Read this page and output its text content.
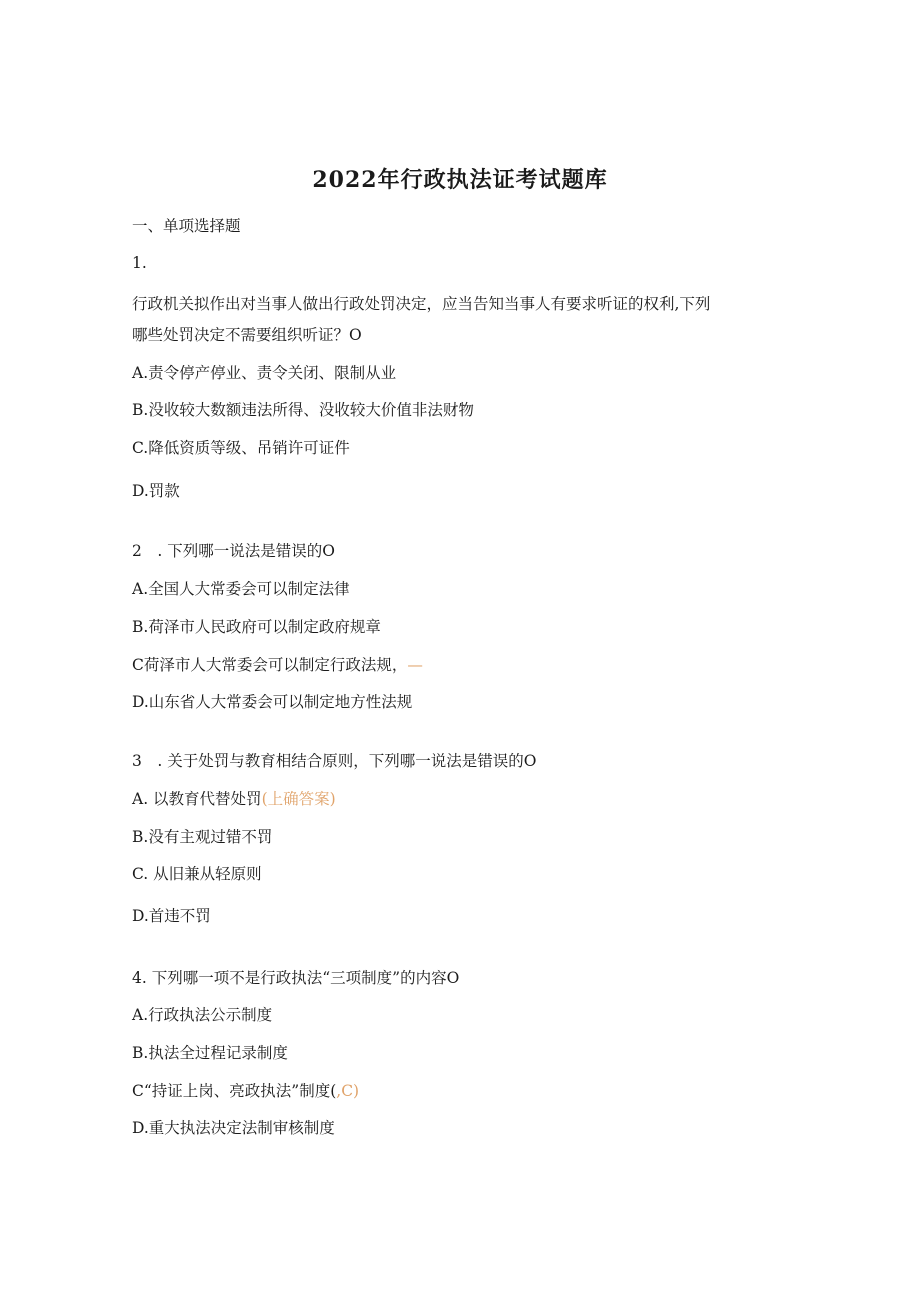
2022年行政执法证考试题库
一、单项选择题
1.
行政机关拟作出对当事人做出行政处罚决定，应当告知当事人有要求听证的权利,下列
哪些处罚决定不需要组织听证？O
A.责令停产停业、责令关闭、限制从业
B.没收较大数额违法所得、没收较大价值非法财物
C.降低资质等级、吊销许可证件
D.罚款
2　. 下列哪一说法是错误的O
A.全国人大常委会可以制定法律
B.荷泽市人民政府可以制定政府规章
C荷泽市人大常委会可以制定行政法规，—
D.山东省人大常委会可以制定地方性法规
3　. 关于处罚与教育相结合原则，下列哪一说法是错误的O
A. 以教育代替处罚(上确答案)
B.没有主观过错不罚
C. 从旧兼从轻原则
D.首违不罚
4. 下列哪一项不是行政执法“三项制度”的内容O
A.行政执法公示制度
B.执法全过程记录制度
C“持证上岗、亮政执法”制度(,C)
D.重大执法决定法制审核制度
